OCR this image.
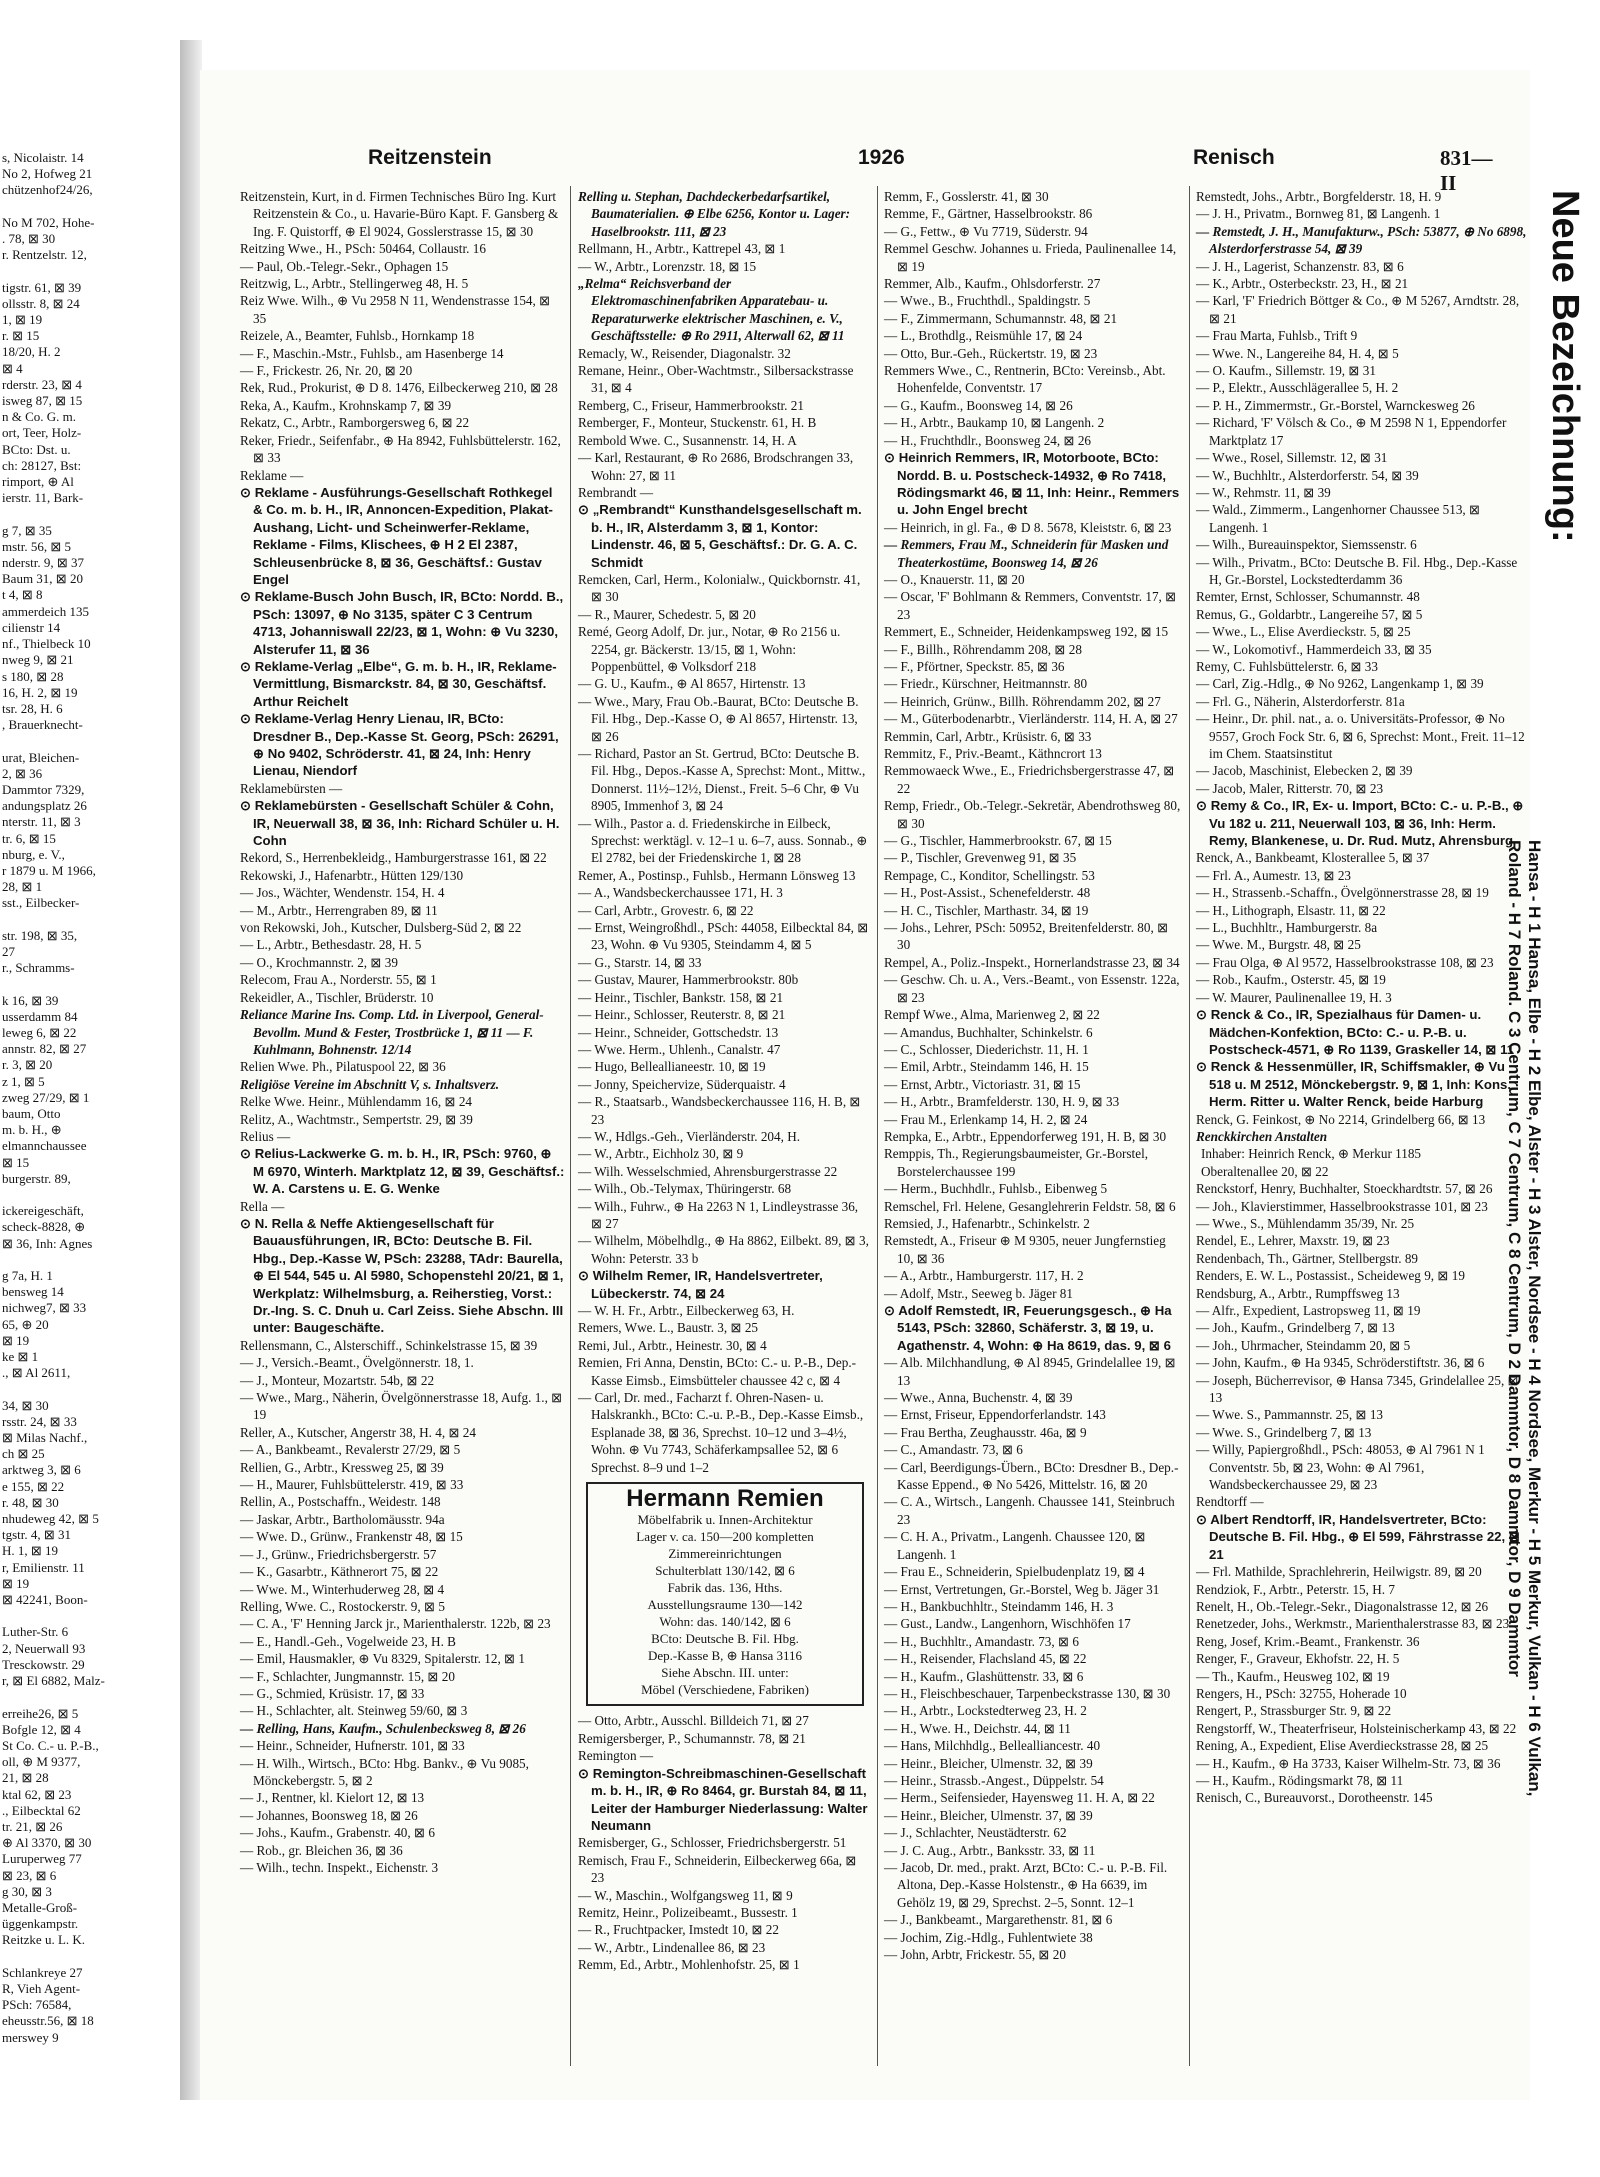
s, Nicolaistr. 14
No 2, Hofweg 21
chützenhof24/26,

No M 702, Hohe-
. 78, ⊠ 30
r. Rentzelstr. 12,

tigstr. 61, ⊠ 39
ollsstr. 8, ⊠ 24
1, ⊠ 19
r. ⊠ 15
18/20, H. 2
⊠ 4
rderstr. 23, ⊠ 4
isweg 87, ⊠ 15
n & Co. G. m.
ort, Teer, Holz-
BCto: Dst. u.
ch: 28127, Bst:
rimport, ⊕ Al
ierstr. 11, Bark-

g 7, ⊠ 35
mstr. 56, ⊠ 5
nderstr. 9, ⊠ 37
Baum 31, ⊠ 20
t 4, ⊠ 8
ammerdeich 135
cilienstr 14
nf., Thielbeck 10
nweg 9, ⊠ 21
s 180, ⊠ 28
16, H. 2, ⊠ 19
tsr. 28, H. 6
, Brauerknecht-

urat, Bleichen-
2, ⊠ 36
Dammtor 7329,
andungsplatz 26
nterstr. 11, ⊠ 3
tr. 6, ⊠ 15
nburg, e. V.,
r 1879 u. M 1966,
28, ⊠ 1
sst., Eilbecker-

str. 198, ⊠ 35,
27
r., Schramms-

k 16, ⊠ 39
usserdamm 84
leweg 6, ⊠ 22
annstr. 82, ⊠ 27
r. 3, ⊠ 20
z 1, ⊠ 5
zweg 27/29, ⊠ 1
baum, Otto
m. b. H., ⊕
elmannchaussee
⊠ 15
burgerstr. 89,

ickereigeschäft,
scheck-8828, ⊕
⊠ 36, Inh: Agnes

g 7a, H. 1
bensweg 14
nichweg7, ⊠ 33
65, ⊕ 20
⊠ 19
ke ⊠ 1
., ⊠ Al 2611,

34, ⊠ 30
rsstr. 24, ⊠ 33
⊠ Milas Nachf.,
ch ⊠ 25
arktweg 3, ⊠ 6
e 155, ⊠ 22
r. 48, ⊠ 30
nhudeweg 42, ⊠ 5
tgstr. 4, ⊠ 31
H. 1, ⊠ 19
r, Emilienstr. 11
⊠ 19
⊠ 42241, Boon-

Luther-Str. 6
2, Neuerwall 93
Tresckowstr. 29
r, ⊠ El 6882, Malz-

erreihe26, ⊠ 5
Bofgle 12, ⊠ 4
St Co. C.- u. P.-B.,
oll, ⊕ M 9377,
21, ⊠ 28
ktal 62, ⊠ 23
., Eilbecktal 62
tr. 21, ⊠ 26
⊕ Al 3370, ⊠ 30
Luruperweg 77
⊠ 23, ⊠ 6
g 30, ⊠ 3
Metalle-Groß-
üggenkampstr.
Reitzke u. L. K.

Schlankreye 27
R, Vieh Agent-
PSch: 76584,
eheusstr.56, ⊠ 18
merswey 9
Reitzenstein	1926	Renisch	831—II

Reitzenstein, Kurt, in d. Firmen Technisches Büro Ing. Kurt Reitzenstein & Co., u. Havarie-Büro Kapt. F. Gansberg & Ing. F. Quistorff, ⊕ El 9024, Gosslerstrasse 15, ⊠ 30

Reitzing Wwe., H., PSch: 50464, Collaustr. 16

— Paul, Ob.-Telegr.-Sekr., Ophagen 15

Reitzwig, L., Arbtr., Stellingerweg 48, H. 5

Reiz Wwe. Wilh., ⊕ Vu 2958 N 11, Wendenstrasse 154, ⊠ 35

Reizele, A., Beamter, Fuhlsb., Hornkamp 18

— F., Maschin.-Mstr., Fuhlsb., am Hasenberge 14

— F., Frickestr. 26, Nr. 20, ⊠ 20

Rek, Rud., Prokurist, ⊕ D 8. 1476, Eilbeckerweg 210, ⊠ 28

Reka, A., Kaufm., Krohnskamp 7, ⊠ 39

Rekatz, C., Arbtr., Ramborgersweg 6, ⊠ 22

Reker, Friedr., Seifenfabr., ⊕ Ha 8942, Fuhlsbüttelerstr. 162, ⊠ 33

Reklame —

⊙ Reklame - Ausführungs-Gesellschaft Rothkegel & Co. m. b. H., IR, Annoncen-Expedition, Plakat-Aushang, Licht- und Scheinwerfer-Reklame, Reklame - Films, Klischees, ⊕ H 2 El 2387, Schleusenbrücke 8, ⊠ 36, Geschäftsf.: Gustav Engel

⊙ Reklame-Busch John Busch, IR, BCto: Nordd. B., PSch: 13097, ⊕ No 3135, später C 3 Centrum 4713, Johanniswall 22/23, ⊠ 1, Wohn: ⊕ Vu 3230, Alsterufer 11, ⊠ 36

⊙ Reklame-Verlag „Elbe“, G. m. b. H., IR, Reklame-Vermittlung, Bismarckstr. 84, ⊠ 30, Geschäftsf. Arthur Reichelt

⊙ Reklame-Verlag Henry Lienau, IR, BCto: Dresdner B., Dep.-Kasse St. Georg, PSch: 26291, ⊕ No 9402, Schröderstr. 41, ⊠ 24, Inh: Henry Lienau, Niendorf

Reklamebürsten —

⊙ Reklamebürsten - Gesellschaft Schüler & Cohn, IR, Neuerwall 38, ⊠ 36, Inh: Richard Schüler u. H. Cohn

Rekord, S., Herrenbekleidg., Hamburgerstrasse 161, ⊠ 22

Rekowski, J., Hafenarbtr., Hütten 129/130

— Jos., Wächter, Wendenstr. 154, H. 4

— M., Arbtr., Herrengraben 89, ⊠ 11

von Rekowski, Joh., Kutscher, Dulsberg-Süd 2, ⊠ 22

— L., Arbtr., Bethesdastr. 28, H. 5

— O., Krochmannstr. 2, ⊠ 39

Relecom, Frau A., Norderstr. 55, ⊠ 1

Rekeidler, A., Tischler, Brüderstr. 10

Reliance Marine Ins. Comp. Ltd. in Liverpool, General-Bevollm. Mund & Fester, Trostbrücke 1, ⊠ 11 — F. Kuhlmann, Bohnenstr. 12/14

Relien Wwe. Ph., Pilatuspool 22, ⊠ 36

Religiöse Vereine im Abschnitt V, s. Inhaltsverz.

Relke Wwe. Heinr., Mühlendamm 16, ⊠ 24

Relitz, A., Wachtmstr., Sempertstr. 29, ⊠ 39

Relius —

⊙ Relius-Lackwerke G. m. b. H., IR, PSch: 9760, ⊕ M 6970, Winterh. Marktplatz 12, ⊠ 39, Geschäftsf.: W. A. Carstens u. E. G. Wenke

Rella —

⊙ N. Rella & Neffe Aktiengesellschaft für Bauausführungen, IR, BCto: Deutsche B. Fil. Hbg., Dep.-Kasse W, PSch: 23288, TAdr: Baurella, ⊕ El 544, 545 u. Al 5980, Schopenstehl 20/21, ⊠ 1, Werkplatz: Wilhelmsburg, a. Reiherstieg, Vorst.: Dr.-Ing. S. C. Dnuh u. Carl Zeiss. Siehe Abschn. III unter: Baugeschäfte.

Rellensmann, C., Alsterschiff., Schinkelstrasse 15, ⊠ 39

— J., Versich.-Beamt., Övelgönnerstr. 18, 1.

— J., Monteur, Mozartstr. 54b, ⊠ 22

— Wwe., Marg., Näherin, Övelgönnerstrasse 18, Aufg. 1., ⊠ 19

Reller, A., Kutscher, Angerstr 38, H. 4, ⊠ 24

— A., Bankbeamt., Revalerstr 27/29, ⊠ 5

Rellien, G., Arbtr., Kressweg 25, ⊠ 39

— H., Maurer, Fuhlsbüttelerstr. 419, ⊠ 33

Rellin, A., Postschaffn., Weidestr. 148

— Jaskar, Arbtr., Bartholomäusstr. 94a

— Wwe. D., Grünw., Frankenstr 48, ⊠ 15

— J., Grünw., Friedrichsbergerstr. 57

— K., Gasarbtr., Käthnerort 75, ⊠ 22

— Wwe. M., Winterhuderweg 28, ⊠ 4

Relling, Wwe. C., Rostockerstr. 9, ⊠ 5

— C. A., 'F' Henning Jarck jr., Marienthalerstr. 122b, ⊠ 23

— E., Handl.-Geh., Vogelweide 23, H. B

— Emil, Hausmakler, ⊕ Vu 8329, Spitalerstr. 12, ⊠ 1

— F., Schlachter, Jungmannstr. 15, ⊠ 20

— G., Schmied, Krüsistr. 17, ⊠ 33

— H., Schlachter, alt. Steinweg 59/60, ⊠ 3

— Relling, Hans, Kaufm., Schulenbecksweg 8, ⊠ 26

— Heinr., Schneider, Hufnerstr. 101, ⊠ 33

— H. Wilh., Wirtsch., BCto: Hbg. Bankv., ⊕ Vu 9085, Mönckebergstr. 5, ⊠ 2

— J., Rentner, kl. Kielort 12, ⊠ 13

— Johannes, Boonsweg 18, ⊠ 26

— Johs., Kaufm., Grabenstr. 40, ⊠ 6

— Rob., gr. Bleichen 36, ⊠ 36

— Wilh., techn. Inspekt., Eichenstr. 3

Relling u. Stephan, Dachdeckerbedarfsartikel, Baumaterialien. ⊕ Elbe 6256, Kontor u. Lager: Haselbrookstr. 111, ⊠ 23

Rellmann, H., Arbtr., Kattrepel 43, ⊠ 1

— W., Arbtr., Lorenzstr. 18, ⊠ 15

„Relma“ Reichsverband der Elektromaschinenfabriken Apparatebau- u. Reparaturwerke elektrischer Maschinen, e. V., Geschäftsstelle: ⊕ Ro 2911, Alterwall 62, ⊠ 11

Remacly, W., Reisender, Diagonalstr. 32

Remane, Heinr., Ober-Wachtmstr., Silbersackstrasse 31, ⊠ 4

Remberg, C., Friseur, Hammerbrookstr. 21

Remberger, F., Monteur, Stuckenstr. 61, H. B

Rembold Wwe. C., Susannenstr. 14, H. A

— Karl, Restaurant, ⊕ Ro 2686, Brodschrangen 33, Wohn: 27, ⊠ 11

Rembrandt —

⊙ „Rembrandt“ Kunsthandelsgesellschaft m. b. H., IR, Alsterdamm 3, ⊠ 1, Kontor: Lindenstr. 46, ⊠ 5, Geschäftsf.: Dr. G. A. C. Schmidt

Remcken, Carl, Herm., Kolonialw., Quickbornstr. 41, ⊠ 30

— R., Maurer, Schedestr. 5, ⊠ 20

Remé, Georg Adolf, Dr. jur., Notar, ⊕ Ro 2156 u. 2254, gr. Bäckerstr. 13/15, ⊠ 1, Wohn: Poppenbüttel, ⊕ Volksdorf 218

— G. U., Kaufm., ⊕ Al 8657, Hirtenstr. 13

— Wwe., Mary, Frau Ob.-Baurat, BCto: Deutsche B. Fil. Hbg., Dep.-Kasse O, ⊕ Al 8657, Hirtenstr. 13, ⊠ 26

— Richard, Pastor an St. Gertrud, BCto: Deutsche B. Fil. Hbg., Depos.-Kasse A, Sprechst: Mont., Mittw., Donnerst. 11½–12½, Dienst., Freit. 5–6 Chr, ⊕ Vu 8905, Immenhof 3, ⊠ 24

— Wilh., Pastor a. d. Friedenskirche in Eilbeck, Sprechst: werktägl. v. 12–1 u. 6–7, auss. Sonnab., ⊕ El 2782, bei der Friedenskirche 1, ⊠ 28

Remer, A., Postinsp., Fuhlsb., Hermann Lönsweg 13

— A., Wandsbeckerchaussee 171, H. 3

— Carl, Arbtr., Grovestr. 6, ⊠ 22

— Ernst, Weingroßhdl., PSch: 44058, Eilbecktal 84, ⊠ 23, Wohn. ⊕ Vu 9305, Steindamm 4, ⊠ 5

— G., Starstr. 14, ⊠ 33

— Gustav, Maurer, Hammerbrookstr. 80b

— Heinr., Tischler, Bankstr. 158, ⊠ 21

— Heinr., Schlosser, Reuterstr. 8, ⊠ 21

— Heinr., Schneider, Gottschedstr. 13

— Wwe. Herm., Uhlenh., Canalstr. 47

— Hugo, Belleallianeestr. 10, ⊠ 19

— Jonny, Speichervize, Süderquaistr. 4

— R., Staatsarb., Wandsbeckerchaussee 116, H. B, ⊠ 23

— W., Hdlgs.-Geh., Vierländerstr. 204, H.

— W., Arbtr., Eichholz 30, ⊠ 9

— Wilh. Wesselschmied, Ahrensburgerstrasse 22

— Wilh., Ob.-Telymax, Thüringerstr. 68

— Wilh., Fuhrw., ⊕ Ha 2263 N 1, Lindleystrasse 36, ⊠ 27

— Wilhelm, Möbelhdlg., ⊕ Ha 8862, Eilbekt. 89, ⊠ 3, Wohn: Peterstr. 33 b

⊙ Wilhelm Remer, IR, Handelsvertreter, Lübeckerstr. 74, ⊠ 24

— W. H. Fr., Arbtr., Eilbeckerweg 63, H.

Remers, Wwe. L., Baustr. 3, ⊠ 25

Remi, Jul., Arbtr., Heinestr. 30, ⊠ 4

Remien, Fri Anna, Denstin, BCto: C.- u. P.-B., Dep.-Kasse Eimsb., Eimsbütteler chaussee 42 c, ⊠ 4

— Carl, Dr. med., Facharzt f. Ohren-Nasen- u. Halskrankh., BCto: C.-u. P.-B., Dep.-Kasse Eimsb., Esplanade 38, ⊠ 36, Sprechst. 10–12 und 3–4½, Wohn. ⊕ Vu 7743, Schäferkampsallee 52, ⊠ 6 Sprechst. 8–9 und 1–2

Hermann Remien
Möbelfabrik u. Innen-Architektur
Lager v. ca. 150—200 kompletten
Zimmereinrichtungen
Schulterblatt 130/142, ⊠ 6
Fabrik das. 136, Hths.
Ausstellungsraume 130—142
Wohn: das. 140/142, ⊠ 6
BCto: Deutsche B. Fil. Hbg.
Dep.-Kasse B, ⊕ Hansa 3116
Siehe Abschn. III. unter:
Möbel (Verschiedene, Fabriken)

— Otto, Arbtr., Ausschl. Billdeich 71, ⊠ 27

Remigersberger, P., Schumannstr. 78, ⊠ 21

Remington —

⊙ Remington-Schreibmaschinen-Gesellschaft m. b. H., IR, ⊕ Ro 8464, gr. Burstah 84, ⊠ 11, Leiter der Hamburger Niederlassung: Walter Neumann

Remisberger, G., Schlosser, Friedrichsbergerstr. 51

Remisch, Frau F., Schneiderin, Eilbeckerweg 66a, ⊠ 23

— W., Maschin., Wolfgangsweg 11, ⊠ 9

Remitz, Heinr., Polizeibeamt., Bussestr. 1

— R., Fruchtpacker, Imstedt 10, ⊠ 22

— W., Arbtr., Lindenallee 86, ⊠ 23

Remm, Ed., Arbtr., Mohlenhofstr. 25, ⊠ 1

Remm, F., Gosslerstr. 41, ⊠ 30

Remme, F., Gärtner, Hasselbrookstr. 86

— G., Fettw., ⊕ Vu 7719, Süderstr. 94

Remmel Geschw. Johannes u. Frieda, Paulinenallee 14, ⊠ 19

Remmer, Alb., Kaufm., Ohlsdorferstr. 27

— Wwe., B., Fruchthdl., Spaldingstr. 5

— F., Zimmermann, Schumannstr. 48, ⊠ 21

— L., Brothdlg., Reismühle 17, ⊠ 24

— Otto, Bur.-Geh., Rückertstr. 19, ⊠ 23

Remmers Wwe., C., Rentnerin, BCto: Vereinsb., Abt. Hohenfelde, Conventstr. 17

— G., Kaufm., Boonsweg 14, ⊠ 26

— H., Arbtr., Baukamp 10, ⊠ Langenh. 2

— H., Fruchthdlr., Boonsweg 24, ⊠ 26

⊙ Heinrich Remmers, IR, Motorboote, BCto: Nordd. B. u. Postscheck-14932, ⊕ Ro 7418, Rödingsmarkt 46, ⊠ 11, Inh: Heinr., Remmers u. John Engel brecht

— Heinrich, in gl. Fa., ⊕ D 8. 5678, Kleiststr. 6, ⊠ 23

— Remmers, Frau M., Schneiderin für Masken und Theaterkostüme, Boonsweg 14, ⊠ 26

— O., Knauerstr. 11, ⊠ 20

— Oscar, 'F' Bohlmann & Remmers, Conventstr. 17, ⊠ 23

Remmert, E., Schneider, Heidenkampsweg 192, ⊠ 15

— F., Billh., Röhrendamm 208, ⊠ 28

— F., Pförtner, Speckstr. 85, ⊠ 36

— Friedr., Kürschner, Heitmannstr. 80

— Heinrich, Grünw., Billh. Röhrendamm 202, ⊠ 27

— M., Güterbodenarbtr., Vierländerstr. 114, H. A, ⊠ 27

Remmin, Carl, Arbtr., Krüsistr. 6, ⊠ 33

Remmitz, F., Priv.-Beamt., Käthncrort 13

Remmowaeck Wwe., E., Friedrichsbergerstrasse 47, ⊠ 22

Remp, Friedr., Ob.-Telegr.-Sekretär, Abendrothsweg 80, ⊠ 30

— G., Tischler, Hammerbrookstr. 67, ⊠ 15

— P., Tischler, Grevenweg 91, ⊠ 35

Rempage, C., Konditor, Schellingstr. 53

— H., Post-Assist., Schenefelderstr. 48

— H. C., Tischler, Marthastr. 34, ⊠ 19

— Johs., Lehrer, PSch: 50952, Breitenfelderstr. 80, ⊠ 30

Rempel, A., Poliz.-Inspekt., Hornerlandstrasse 23, ⊠ 34

— Geschw. Ch. u. A., Vers.-Beamt., von Essenstr. 122a, ⊠ 23

Rempf Wwe., Alma, Marienweg 2, ⊠ 22

— Amandus, Buchhalter, Schinkelstr. 6

— C., Schlosser, Diederichstr. 11, H. 1

— Emil, Arbtr., Steindamm 146, H. 15

— Ernst, Arbtr., Victoriastr. 31, ⊠ 15

— H., Arbtr., Bramfelderstr. 130, H. 9, ⊠ 33

— Frau M., Erlenkamp 14, H. 2, ⊠ 24

Rempka, E., Arbtr., Eppendorferweg 191, H. B, ⊠ 30

Remppis, Th., Regierungsbaumeister, Gr.-Borstel, Borstelerchaussee 199

— Herm., Buchhdlr., Fuhlsb., Eibenweg 5

Remschel, Frl. Helene, Gesanglehrerin Feldstr. 58, ⊠ 6

Remsied, J., Hafenarbtr., Schinkelstr. 2

Remstedt, A., Friseur ⊕ M 9305, neuer Jungfernstieg 10, ⊠ 36

— A., Arbtr., Hamburgerstr. 117, H. 2

— Adolf, Mstr., Seeweg b. Jäger 81

⊙ Adolf Remstedt, IR, Feuerungsgesch., ⊕ Ha 5143, PSch: 32860, Schäferstr. 3, ⊠ 19, u. Agathenstr. 4, Wohn: ⊕ Ha 8619, das. 9, ⊠ 6

— Alb. Milchhandlung, ⊕ Al 8945, Grindelallee 19, ⊠ 13

— Wwe., Anna, Buchenstr. 4, ⊠ 39

— Ernst, Friseur, Eppendorferlandstr. 143

— Frau Bertha, Zeughausstr. 46a, ⊠ 9

— C., Amandastr. 73, ⊠ 6

— Carl, Beerdigungs-Übern., BCto: Dresdner B., Dep.-Kasse Eppend., ⊕ No 5426, Mittelstr. 16, ⊠ 20

— C. A., Wirtsch., Langenh. Chaussee 141, Steinbruch 23

— C. H. A., Privatm., Langenh. Chaussee 120, ⊠ Langenh. 1

— Frau E., Schneiderin, Spielbudenplatz 19, ⊠ 4

— Ernst, Vertretungen, Gr.-Borstel, Weg b. Jäger 31

— H., Bankbuchhltr., Steindamm 146, H. 3

— Gust., Landw., Langenhorn, Wischhöfen 17

— H., Buchhltr., Amandastr. 73, ⊠ 6

— H., Reisender, Flachsland 45, ⊠ 22

— H., Kaufm., Glashüttenstr. 33, ⊠ 6

— H., Fleischbeschauer, Tarpenbeckstrasse 130, ⊠ 30

— H., Arbtr., Lockstedterweg 23, H. 2

— H., Wwe. H., Deichstr. 44, ⊠ 11

— Hans, Milchhdlg., Bellealliancestr. 40

— Heinr., Bleicher, Ulmenstr. 32, ⊠ 39

— Heinr., Strassb.-Angest., Düppelstr. 54

— Herm., Seifensieder, Hayensweg 11. H. A, ⊠ 22

— Heinr., Bleicher, Ulmenstr. 37, ⊠ 39

— J., Schlachter, Neustädterstr. 62

— J. C. Aug., Arbtr., Banksstr. 33, ⊠ 11

— Jacob, Dr. med., prakt. Arzt, BCto: C.- u. P.-B. Fil. Altona, Dep.-Kasse Holstenstr., ⊕ Ha 6639, im Gehölz 19, ⊠ 29, Sprechst. 2–5, Sonnt. 12–1

— J., Bankbeamt., Margarethenstr. 81, ⊠ 6

— Jochim, Zig.-Hdlg., Fuhlentwiete 38

— John, Arbtr, Frickestr. 55, ⊠ 20

Remstedt, Johs., Arbtr., Borgfelderstr. 18, H. 9

— J. H., Privatm., Bornweg 81, ⊠ Langenh. 1

— Remstedt, J. H., Manufakturw., PSch: 53877, ⊕ No 6898, Alsterdorferstrasse 54, ⊠ 39

— J. H., Lagerist, Schanzenstr. 83, ⊠ 6

— K., Arbtr., Osterbeckstr. 23, H., ⊠ 21

— Karl, 'F' Friedrich Böttger & Co., ⊕ M 5267, Arndtstr. 28, ⊠ 21

— Frau Marta, Fuhlsb., Trift 9

— Wwe. N., Langereihe 84, H. 4, ⊠ 5

— O. Kaufm., Sillemstr. 19, ⊠ 31

— P., Elektr., Ausschlägerallee 5, H. 2

— P. H., Zimmermstr., Gr.-Borstel, Warnckesweg 26

— Richard, 'F' Völsch & Co., ⊕ M 2598 N 1, Eppendorfer Marktplatz 17

— Wwe., Rosel, Sillemstr. 12, ⊠ 31

— W., Buchhltr., Alsterdorferstr. 54, ⊠ 39

— W., Rehmstr. 11, ⊠ 39

— Wald., Zimmerm., Langenhorner Chaussee 513, ⊠ Langenh. 1

— Wilh., Bureauinspektor, Siemssenstr. 6

— Wilh., Privatm., BCto: Deutsche B. Fil. Hbg., Dep.-Kasse H, Gr.-Borstel, Lockstedterdamm 36

Remter, Ernst, Schlosser, Schumannstr. 48

Remus, G., Goldarbtr., Langereihe 57, ⊠ 5

— Wwe., L., Elise Averdieckstr. 5, ⊠ 25

— W., Lokomotivf., Hammerdeich 33, ⊠ 35

Remy, C. Fuhlsbüttelerstr. 6, ⊠ 33

— Carl, Zig.-Hdlg., ⊕ No 9262, Langenkamp 1, ⊠ 39

— Frl. G., Näherin, Alsterdorferstr. 81a

— Heinr., Dr. phil. nat., a. o. Universitäts-Professor, ⊕ No 9557, Groch Fock Str. 6, ⊠ 6, Sprechst: Mont., Freit. 11–12 im Chem. Staatsinstitut

— Jacob, Maschinist, Elebecken 2, ⊠ 39

— Jacob, Maler, Ritterstr. 70, ⊠ 23

⊙ Remy & Co., IR, Ex- u. Import, BCto: C.- u. P.-B., ⊕ Vu 182 u. 211, Neuerwall 103, ⊠ 36, Inh: Herm. Remy, Blankenese, u. Dr. Rud. Mutz, Ahrensburg

Renck, A., Bankbeamt, Klosterallee 5, ⊠ 37

— Frl. A., Aumestr. 13, ⊠ 23

— H., Strassenb.-Schaffn., Övelgönnerstrasse 28, ⊠ 19

— H., Lithograph, Elsastr. 11, ⊠ 22

— L., Buchhltr., Hamburgerstr. 8a

— Wwe. M., Burgstr. 48, ⊠ 25

— Frau Olga, ⊕ Al 9572, Hasselbrookstrasse 108, ⊠ 23

— Rob., Kaufm., Osterstr. 45, ⊠ 19

— W. Maurer, Paulinenallee 19, H. 3

⊙ Renck & Co., IR, Spezialhaus für Damen- u. Mädchen-Konfektion, BCto: C.- u. P.-B. u. Postscheck-4571, ⊕ Ro 1139, Graskeller 14, ⊠ 11

⊙ Renck & Hessenmüller, IR, Schiffsmakler, ⊕ Vu 518 u. M 2512, Mönckebergstr. 9, ⊠ 1, Inh: Kons. Herm. Ritter u. Walter Renck, beide Harburg

Renck, G. Feinkost, ⊕ No 2214, Grindelberg 66, ⊠ 13

Renckkirchen Anstalten

Inhaber: Heinrich Renck, ⊕ Merkur 1185

Oberaltenallee 20, ⊠ 22

Renckstorf, Henry, Buchhalter, Stoeckhardtstr. 57, ⊠ 26

— Joh., Klavierstimmer, Hasselbrookstrasse 101, ⊠ 23

— Wwe., S., Mühlendamm 35/39, Nr. 25

Rendel, E., Lehrer, Maxstr. 19, ⊠ 23

Rendenbach, Th., Gärtner, Stellbergstr. 89

Renders, E. W. L., Postassist., Scheideweg 9, ⊠ 19

Rendsburg, A., Arbtr., Rumpffsweg 13

— Alfr., Expedient, Lastropsweg 11, ⊠ 19

— Joh., Kaufm., Grindelberg 7, ⊠ 13

— Joh., Uhrmacher, Steindamm 20, ⊠ 5

— John, Kaufm., ⊕ Ha 9345, Schröderstiftstr. 36, ⊠ 6

— Joseph, Bücherrevisor, ⊕ Hansa 7345, Grindelallee 25, ⊠ 13

— Wwe. S., Pammannstr. 25, ⊠ 13

— Wwe. S., Grindelberg 7, ⊠ 13

— Willy, Papiergroßhdl., PSch: 48053, ⊕ Al 7961 N 1 Conventstr. 5b, ⊠ 23, Wohn: ⊕ Al 7961, Wandsbeckerchaussee 29, ⊠ 23

Rendtorff —

⊙ Albert Rendtorff, IR, Handelsvertreter, BCto: Deutsche B. Fil. Hbg., ⊕ El 599, Fährstrasse 22, ⊠ 21

— Frl. Mathilde, Sprachlehrerin, Heilwigstr. 89, ⊠ 20

Rendziok, F., Arbtr., Peterstr. 15, H. 7

Renelt, H., Ob.-Telegr.-Sekr., Diagonalstrasse 12, ⊠ 26

Renetzeder, Johs., Werkmstr., Marienthalerstrasse 83, ⊠ 23

Reng, Josef, Krim.-Beamt., Frankenstr. 36

Renger, F., Graveur, Ekhofstr. 22, H. 5

— Th., Kaufm., Heusweg 102, ⊠ 19

Rengers, H., PSch: 32755, Hoheradе 10

Rengert, P., Strassburger Str. 9, ⊠ 22

Rengstorff, W., Theaterfriseur, Holsteinischerkamp 43, ⊠ 22

Rening, A., Expedient, Elise Averdieckstrasse 28, ⊠ 25

— H., Kaufm., ⊕ Ha 3733, Kaiser Wilhelm-Str. 73, ⊠ 36

— H., Kaufm., Rödingsmarkt 78, ⊠ 11

Renisch, C., Bureauvorst., Dorotheenstr. 145

Neue Bezeichnung:
Hansa - H 1 Hansa, Elbe - H 2 Elbe, Alster - H 3 Alster, Nordsee - H 4 Nordsee, Merkur - H 5 Merkur, Vulkan - H 6 Vulkan,
Roland - H 7 Roland. C 3 Centrum, C 7 Centrum, C 8 Centrum, D 2 Dammtor, D 8 Dammtor, D 9 Dammtor
